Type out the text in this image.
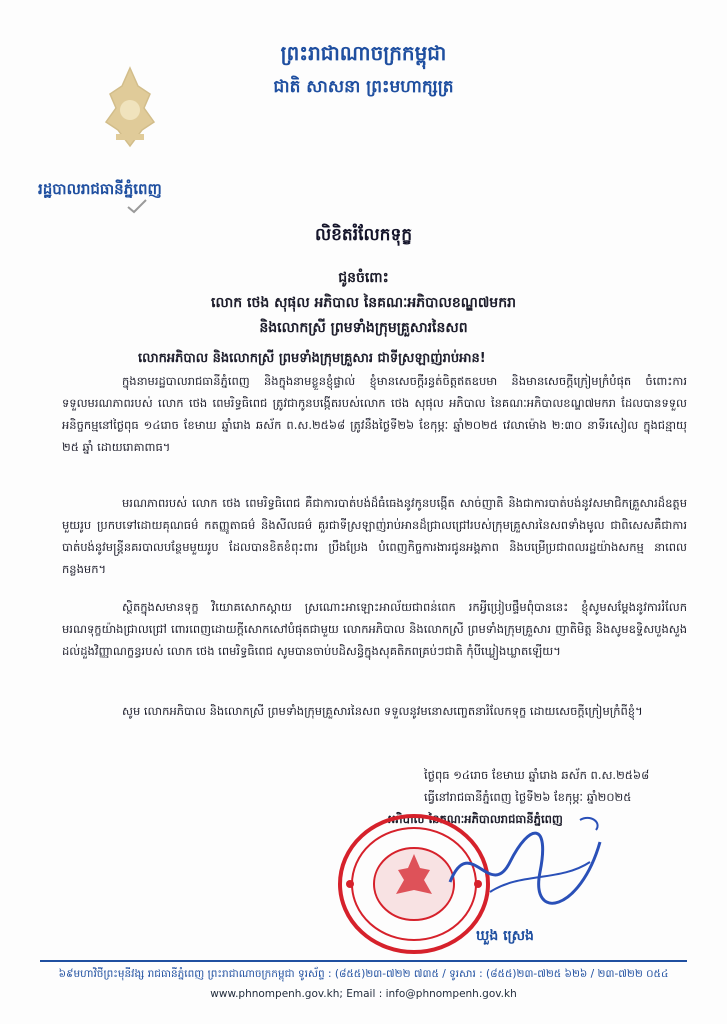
ព្រះរាជាណាចក្រកម្ពុជា
ជាតិ សាសនា ព្រះមហាក្សត្រ
រដ្ឋបាលរាជធានីភ្នំពេញ
លិខិតរំលែកទុក្ខ
ជូនចំពោះ
លោក ថេង សុផុល អភិបាល នៃគណៈអភិបាលខណ្ឌ៧មករា
និងលោកស្រី ព្រមទាំងក្រុមគ្រួសារនៃសព
លោកអភិបាល និងលោកស្រី ព្រមទាំងក្រុមគ្រួសារ ជាទីស្រឡាញ់រាប់អាន!
ក្នុងនាមរដ្ឋបាលរាជធានីភ្នំពេញ និងក្នុងនាមខ្លួនខ្ញុំផ្ទាល់ ខ្ញុំមានសេចក្តីរន្ធត់ចិត្តឥតឧបមា និងមានសេចក្តីក្រៀមក្រំបំផុត ចំពោះការទទួលមរណភាពរបស់ លោក ថេង ពេមរិទ្ធធិពេជ ត្រូវជាកូនបង្កើតរបស់លោក ថេង សុផុល អភិបាល នៃគណៈអភិបាលខណ្ឌ៧មករា ដែលបានទទួលអនិច្ចកម្មនៅថ្ងៃពុធ ១៤រោច ខែមាឃ ឆ្នាំរោង ឆស័ក ព.ស.២៥៦៨ ត្រូវនឹងថ្ងៃទី២៦ ខែកុម្ភៈ ឆ្នាំ២០២៥ វេលាម៉ោង ២:៣០ នាទីរសៀល ក្នុងជន្មាយុ ២៥ ឆ្នាំ ដោយរោគាពាធ។
មរណភាពរបស់ លោក ថេង ពេមរិទ្ធធិពេជ គឺជាការបាត់បង់ដ៏ធំធេងនូវកូនបង្កើត សាច់ញាតិ និងជាការបាត់បង់នូវសមាជិកគ្រួសារដ៏ឧត្តមមួយរូប ប្រកបទៅដោយគុណធម៌ កតញ្ញូតាធម៌ និងសីលធម៌ គួរជាទីស្រឡាញ់រាប់អានដ៏ជ្រាលជ្រៅរបស់ក្រុមគ្រួសារនៃសពទាំងមូល ជាពិសេសគឺជាការបាត់បង់នូវមន្ត្រីនគរបាលបន្ថែមមួយរូប ដែលបានខិតខំពុះពារ ប្រឹងប្រែង បំពេញកិច្ចការងារជូនអង្គភាព និងបម្រើប្រជាពលរដ្ឋយ៉ាងសកម្ម នាពេលកន្លងមក។
ស្ថិតក្នុងសមានទុក្ខ វិយោគសោកស្តាយ ស្រណោះអាឡោះអាល័យជាពន់ពេក រកអ្វីប្រៀបផ្ទឹមពុំបាននេះ ខ្ញុំសូមសម្តែងនូវការរំលែកមរណទុក្ខយ៉ាងជ្រាលជ្រៅ ពោរពេញដោយក្តីសោកសៅបំផុតជាមួយ លោកអភិបាល និងលោកស្រី ព្រមទាំងក្រុមគ្រួសារ ញាតិមិត្ត និងសូមឧទ្ទិសបួងសួងដល់ដួងវិញ្ញាណក្ខន្ធរបស់ លោក ថេង ពេមរិទ្ធធិពេជ សូមបានចាប់បដិសន្ធិក្នុងសុគតិភពគ្រប់ៗជាតិ កុំបីឃ្លៀងឃ្លាតឡើយ។
សូម លោកអភិបាល និងលោកស្រី ព្រមទាំងក្រុមគ្រួសារនៃសព ទទួលនូវមនោសញ្ចេតនារំលែកទុក្ខ ដោយសេចក្តីក្រៀមក្រំពីខ្ញុំ។
ថ្ងៃពុធ ១៤រោច ខែមាឃ ឆ្នាំរោង ឆស័ក ព.ស.២៥៦៨
ធ្វើនៅរាជធានីភ្នំពេញ ថ្ងៃទី២៦ ខែកុម្ភៈ ឆ្នាំ២០២៥
អភិបាល នៃគណៈអភិបាលរាជធានីភ្នំពេញ
ឃួង ស្រេង
៦៩មហាវិថីព្រះមុនីវង្ស រាជធានីភ្នំពេញ ព្រះរាជាណាចក្រកម្ពុជា ទូរស័ព្ទ : (៨៥៥)២៣-៧២២ ៧៣៥ / ទូរសារ : (៨៥៥)២៣-៧២៥ ៦២៦ / ២៣-៧២២ ០៥៤
www.phnompenh.gov.kh; Email : info@phnompenh.gov.kh
